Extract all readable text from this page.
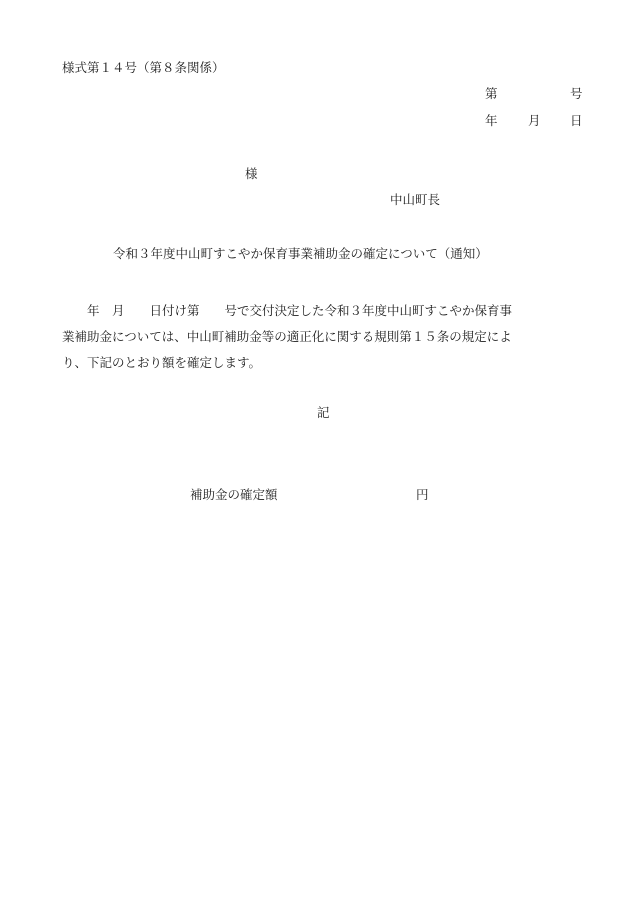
様式第１４号（第８条関係）
第	号
年 月 日
様
中山町長
令和３年度中山町すこやか保育事業補助金の確定について（通知）
　　年　月　　日付け第　　号で交付決定した令和３年度中山町すこやか保育事
業補助金については、中山町補助金等の適正化に関する規則第１５条の規定によ
り、下記のとおり額を確定します。
記
補助金の確定額	円
